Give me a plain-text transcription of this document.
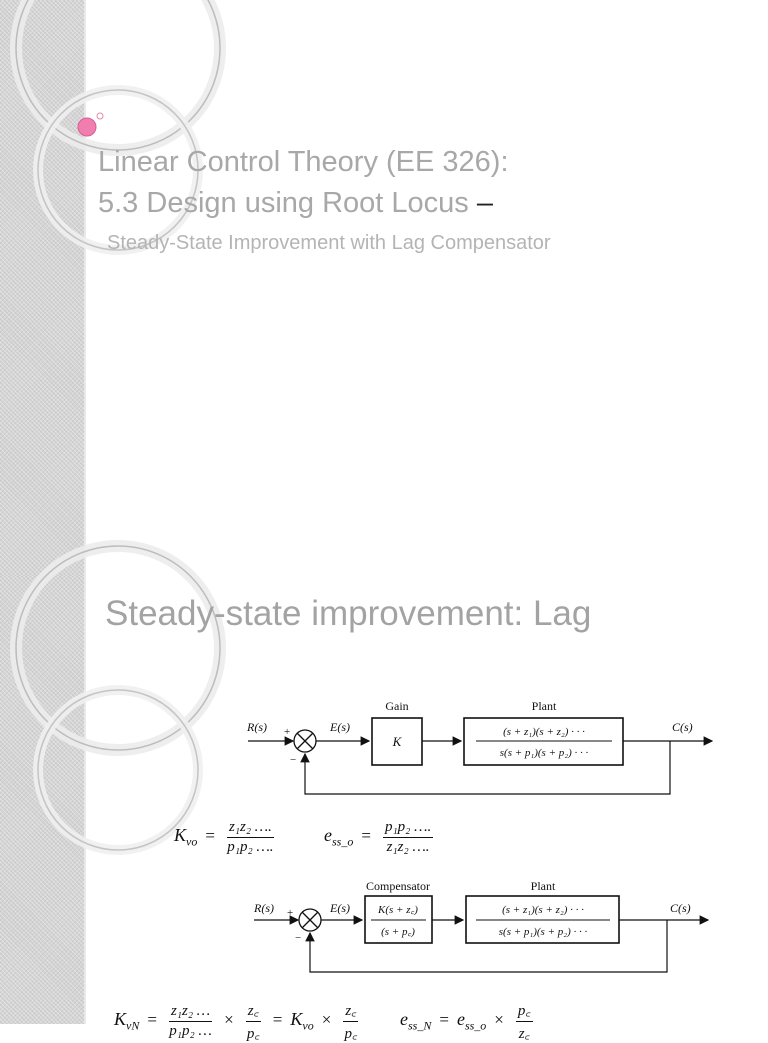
Linear Control Theory (EE 326):
5.3 Design using Root Locus –

Steady-State Improvement with Lag Compensator

Steady-state improvement: Lag
R(s) +
−
E(s)
Gain
K
Plant
(s + z₁)(s + z₂) · · ·
s(s + p₁)(s + p₂) · · ·
C(s)
$K_{vo} = \frac{\text{z₁z₂ ….}}{\text{p₁p₂ ….}}$	$e_{ss\_o} = \frac{\text{p₁p₂ ….}}{\text{z₁z₂ ….}}$
R(s) +
−
E(s)
Compensator
K(s + z꜀)
(s + p꜀)
Plant
(s + z₁)(s + z₂) · · ·
s(s + p₁)(s + p₂) · · ·
C(s)
$K_{vN} = \frac{\text{z₁z₂ …}}{\text{p₁p₂ …}} \times \frac{z꜀}{p꜀} = K_{vo} \times \frac{z꜀}{p꜀} e_{ss\_N} = e_{ss\_o} \times \frac{p꜀}{z꜀}$
